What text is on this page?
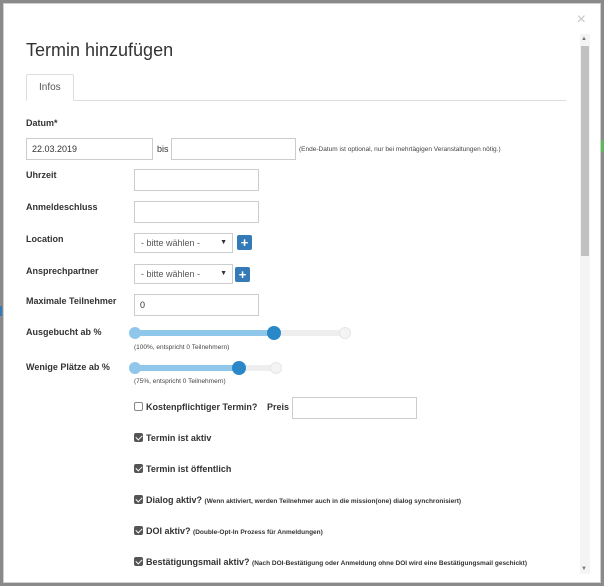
×
Termin hinzufügen
Infos
Datum*
22.03.2019	bis	(Ende-Datum ist optional, nur bei mehrtägigen Veranstaltungen nötig.)
Uhrzeit
Anmeldeschluss
Location	- bitte wählen -	▼ +
Ansprechpartner	- bitte wählen -	▼ +
Maximale Teilnehmer	0
Ausgebucht ab %
(100%, entspricht 0 Teilnehmern)
Wenige Plätze ab %
(75%, entspricht 0 Teilnehmern)
Kostenpflichtiger Termin? Preis
Termin ist aktiv
Termin ist öffentlich
Dialog aktiv? (Wenn aktiviert, werden Teilnehmer auch in die mission(one) dialog synchronisiert)
DOI aktiv? (Double-Opt-In Prozess für Anmeldungen)
Bestätigungsmail aktiv? (Nach DOI-Bestätigung oder Anmeldung ohne DOI wird eine Bestätigungsmail geschickt)
▲
▼
